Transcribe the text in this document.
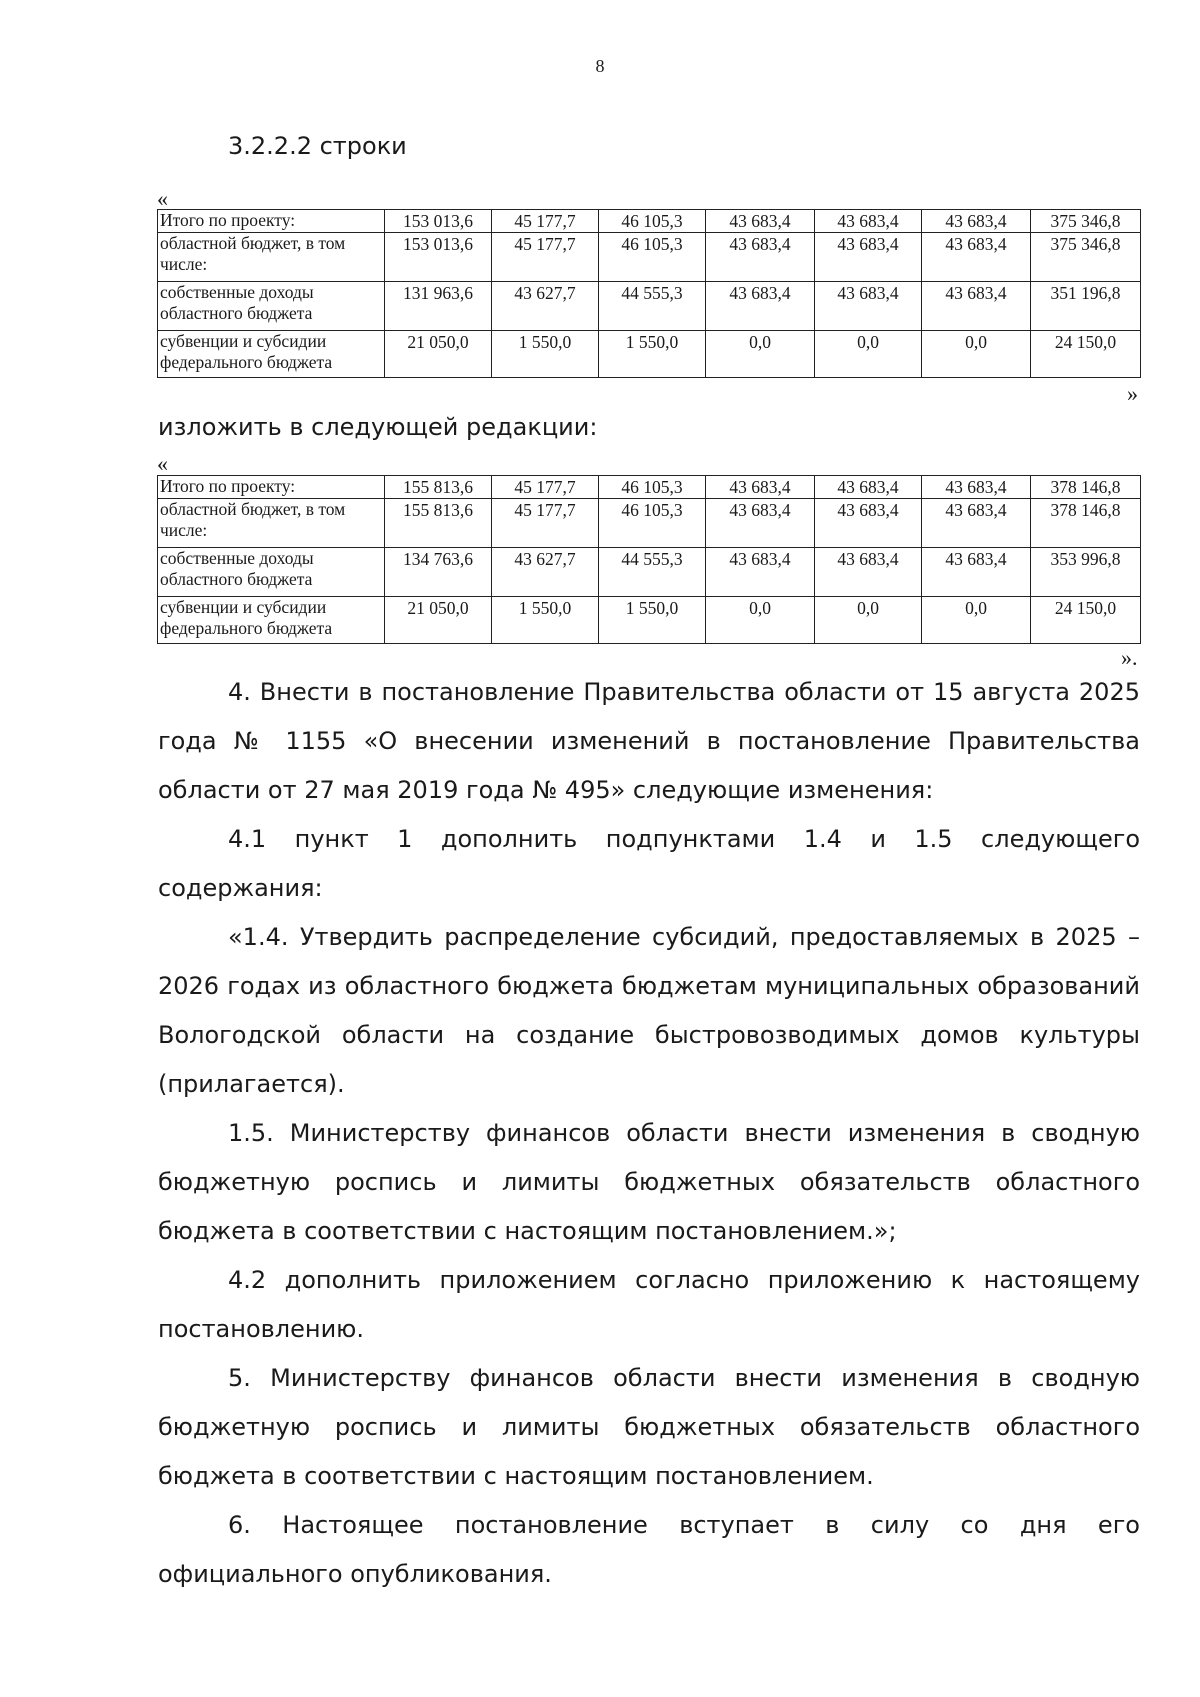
8
3.2.2.2 строки
«
Итого по проекту:	153 013,6	45 177,7	46 105,3	43 683,4	43 683,4	43 683,4	375 346,8	
областной бюджет, в том числе:	153 013,6	45 177,7	46 105,3	43 683,4	43 683,4	43 683,4	375 346,8	
собственные доходы областного бюджета	131 963,6	43 627,7	44 555,3	43 683,4	43 683,4	43 683,4	351 196,8	
субвенции и субсидии федерального бюджета	21 050,0	1 550,0	1 550,0	0,0	0,0	0,0	24 150,0	
»
изложить в следующей редакции:
«
Итого по проекту:	155 813,6	45 177,7	46 105,3	43 683,4	43 683,4	43 683,4	378 146,8	
областной бюджет, в том числе:	155 813,6	45 177,7	46 105,3	43 683,4	43 683,4	43 683,4	378 146,8	
собственные доходы областного бюджета	134 763,6	43 627,7	44 555,3	43 683,4	43 683,4	43 683,4	353 996,8	
субвенции и субсидии федерального бюджета	21 050,0	1 550,0	1 550,0	0,0	0,0	0,0	24 150,0	
».

4. Внести в постановление Правительства области от 15 августа 2025 года № 1155 «О внесении изменений в постановление Правительства области от 27 мая 2019 года № 495» следующие изменения:

4.1 пункт 1 дополнить подпунктами 1.4 и 1.5 следующего содержания:

«1.4. Утвердить распределение субсидий, предоставляемых в 2025 – 2026 годах из областного бюджета бюджетам муниципальных образований Вологодской области на создание быстровозводимых домов культуры (прилагается).

1.5. Министерству финансов области внести изменения в сводную бюджетную роспись и лимиты бюджетных обязательств областного бюджета в соответствии с настоящим постановлением.»;

4.2 дополнить приложением согласно приложению к настоящему постановлению.

5. Министерству финансов области внести изменения в сводную бюджетную роспись и лимиты бюджетных обязательств областного бюджета в соответствии с настоящим постановлением.

6. Настоящее постановление вступает в силу со дня его официального опубликования.
